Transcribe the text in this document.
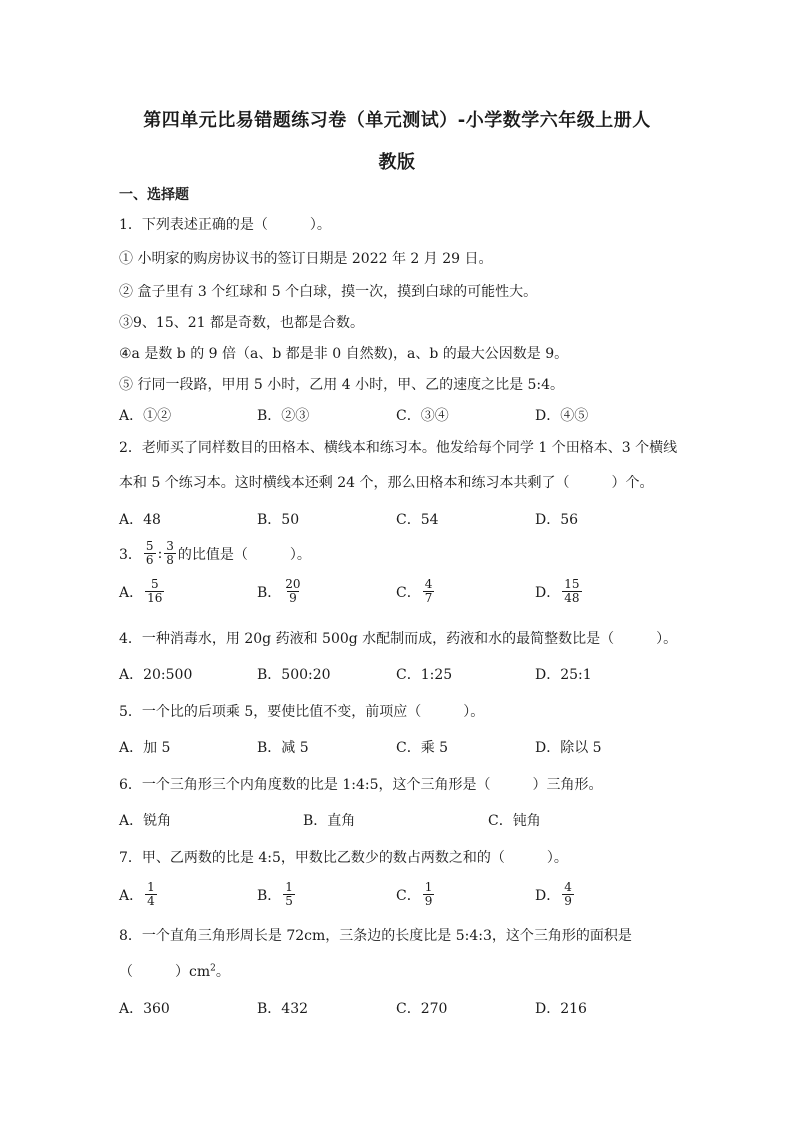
第四单元比易错题练习卷（单元测试）-小学数学六年级上册人
教版
一、选择题
1．下列表述正确的是（　　　）。
① 小明家的购房协议书的签订日期是 2022 年 2 月 29 日。
② 盒子里有 3 个红球和 5 个白球，摸一次，摸到白球的可能性大。
③9、15、21 都是奇数，也都是合数。
④a 是数 b 的 9 倍（a、b 都是非 0 自然数)，a、b 的最大公因数是 9。
⑤ 行同一段路，甲用 5 小时，乙用 4 小时，甲、乙的速度之比是 5:4。
A．①②	B．②③	C．③④	D．④⑤
2．老师买了同样数目的田格本、横线本和练习本。他发给每个同学 1 个田格本、3 个横线
本和 5 个练习本。这时横线本还剩 24 个，那么田格本和练习本共剩了（　　　）个。
A．48	B．50	C．54	D．56
3． $\frac{5}{6}$ : $\frac{3}{8}$ 的比值是（　　　）。
A． $\frac{5}{16}$	B． $\frac{20}{9}$	C． $\frac{4}{7}$	D． $\frac{15}{48}$
4．一种消毒水，用 20g 药液和 500g 水配制而成，药液和水的最简整数比是（　　　）。
A．20:500	B．500:20	C．1:25	D．25:1
5．一个比的后项乘 5，要使比值不变，前项应（　　　）。
A．加 5	B．减 5	C．乘 5	D．除以 5
6．一个三角形三个内角度数的比是 1:4:5，这个三角形是（　　　）三角形。
A．锐角	B．直角	C．钝角
7．甲、乙两数的比是 4:5，甲数比乙数少的数占两数之和的（　　　）。
A． $\frac{1}{4}$	B． $\frac{1}{5}$	C． $\frac{1}{9}$	D． $\frac{4}{9}$
8．一个直角三角形周长是 72cm，三条边的长度比是 5:4:3，这个三角形的面积是
（　　　）$cm^2$。
A．360	B．432	C．270	D．216
